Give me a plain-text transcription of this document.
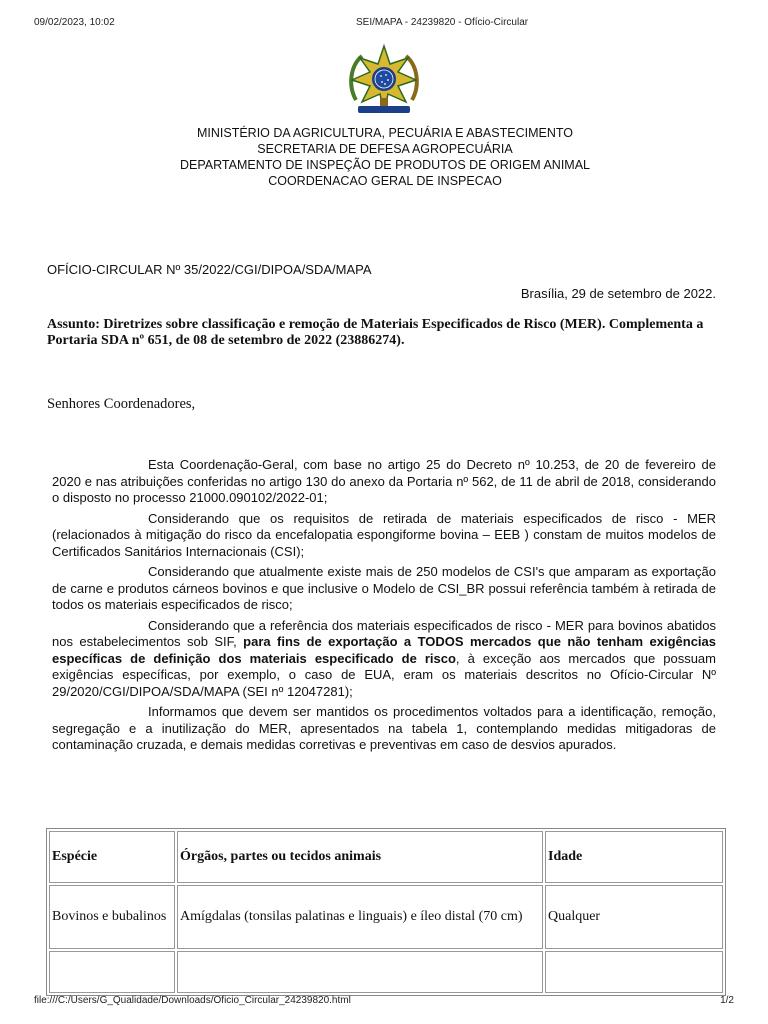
09/02/2023, 10:02	SEI/MAPA - 24239820 - Ofício-Circular
MINISTÉRIO DA AGRICULTURA, PECUÁRIA E ABASTECIMENTO
SECRETARIA DE DEFESA AGROPECUÁRIA
DEPARTAMENTO DE INSPEÇÃO DE PRODUTOS DE ORIGEM ANIMAL
COORDENACAO GERAL DE INSPECAO
OFÍCIO-CIRCULAR Nº 35/2022/CGI/DIPOA/SDA/MAPA
Brasília, 29 de setembro de 2022.
Assunto: Diretrizes sobre classificação e remoção de Materiais Especificados de Risco (MER). Complementa a Portaria SDA nº 651, de 08 de setembro de 2022 (23886274).
Senhores Coordenadores,

Esta Coordenação-Geral, com base no artigo 25 do Decreto nº 10.253, de 20 de fevereiro de 2020 e nas atribuições conferidas no artigo 130 do anexo da Portaria nº 562, de 11 de abril de 2018, considerando o disposto no processo 21000.090102/2022-01;

Considerando que os requisitos de retirada de materiais especificados de risco - MER (relacionados à mitigação do risco da encefalopatia espongiforme bovina – EEB ) constam de muitos modelos de Certificados Sanitários Internacionais (CSI);

Considerando que atualmente existe mais de 250 modelos de CSI's que amparam as exportação de carne e produtos cárneos bovinos e que inclusive o Modelo de CSI_BR possui referência também à retirada de todos os materiais especificados de risco;

Considerando que a referência dos materiais especificados de risco - MER para bovinos abatidos nos estabelecimentos sob SIF, para fins de exportação a TODOS mercados que não tenham exigências específicas de definição dos materiais especificado de risco, à exceção aos mercados que possuam exigências específicas, por exemplo, o caso de EUA, eram os materiais descritos no Ofício-Circular Nº 29/2020/CGI/DIPOA/SDA/MAPA (SEI nº 12047281);

Informamos que devem ser mantidos os procedimentos voltados para a identificação, remoção, segregação e a inutilização do MER, apresentados na tabela 1, contemplando medidas mitigadoras de contaminação cruzada, e demais medidas corretivas e preventivas em caso de desvios apurados.

Espécie	Órgãos, partes ou tecidos animais	Idade
Bovinos e bubalinos	Amígdalas (tonsilas palatinas e linguais) e íleo distal (70 cm)	Qualquer

file:///C:/Users/G_Qualidade/Downloads/Oficio_Circular_24239820.html	1/2
